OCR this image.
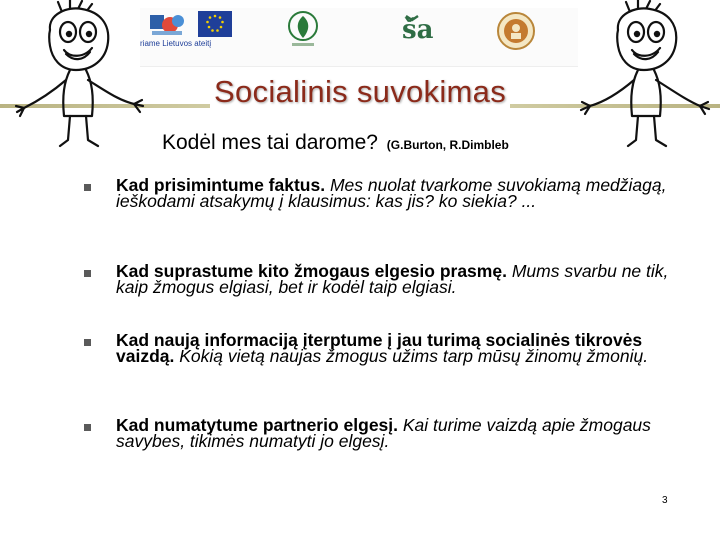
riame Lietuvos ateitį	ša
Socialinis suvokimas
Kodėl mes tai darome? (G.Burton, R.Dimbleb
Kad prisimintume faktus. Mes nuolat tvarkome suvokiamą medžiagą, ieškodami atsakymų į klausimus: kas jis? ko siekia? ...
Kad suprastume kito žmogaus elgesio prasmę. Mums svarbu ne tik, kaip žmogus elgiasi, bet ir kodėl taip elgiasi.
Kad naują informaciją įterptume į jau turimą socialinės tikrovės vaizdą. Kokią vietą naujas žmogus užims tarp mūsų žinomų žmonių.
Kad numatytume partnerio elgesį. Kai turime vaizdą apie žmogaus savybes, tikimės numatyti jo elgesį.
3
